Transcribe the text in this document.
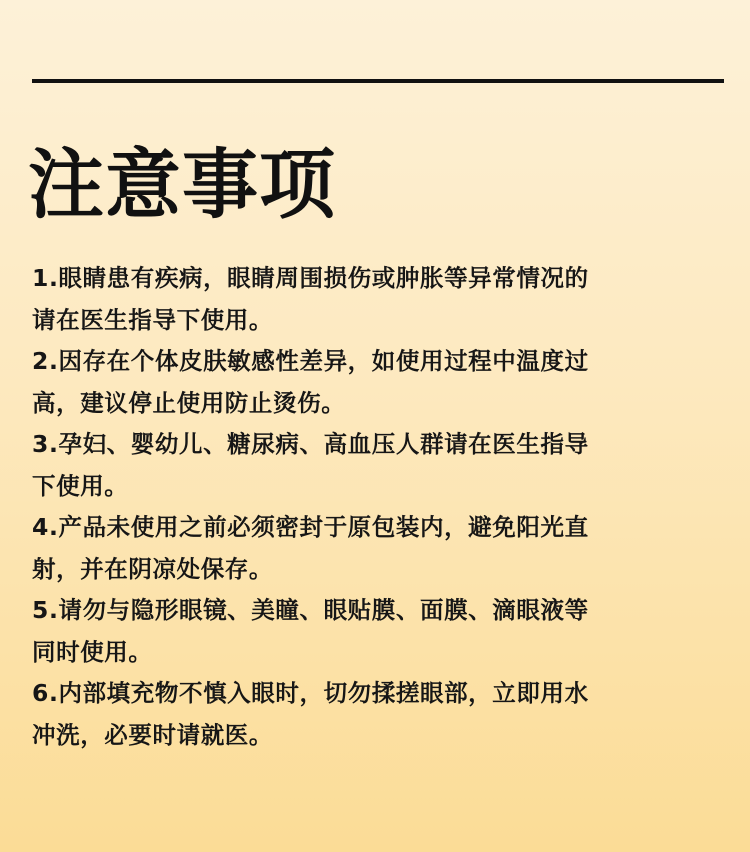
注意事项
1.眼睛患有疾病，眼睛周围损伤或肿胀等异常情况的
请在医生指导下使用。
2.因存在个体皮肤敏感性差异，如使用过程中温度过
高，建议停止使用防止烫伤。
3.孕妇、婴幼儿、糖尿病、高血压人群请在医生指导
下使用。
4.产品未使用之前必须密封于原包装内，避免阳光直
射，并在阴凉处保存。
5.请勿与隐形眼镜、美瞳、眼贴膜、面膜、滴眼液等
同时使用。
6.内部填充物不慎入眼时，切勿揉搓眼部，立即用水
冲洗，必要时请就医。
